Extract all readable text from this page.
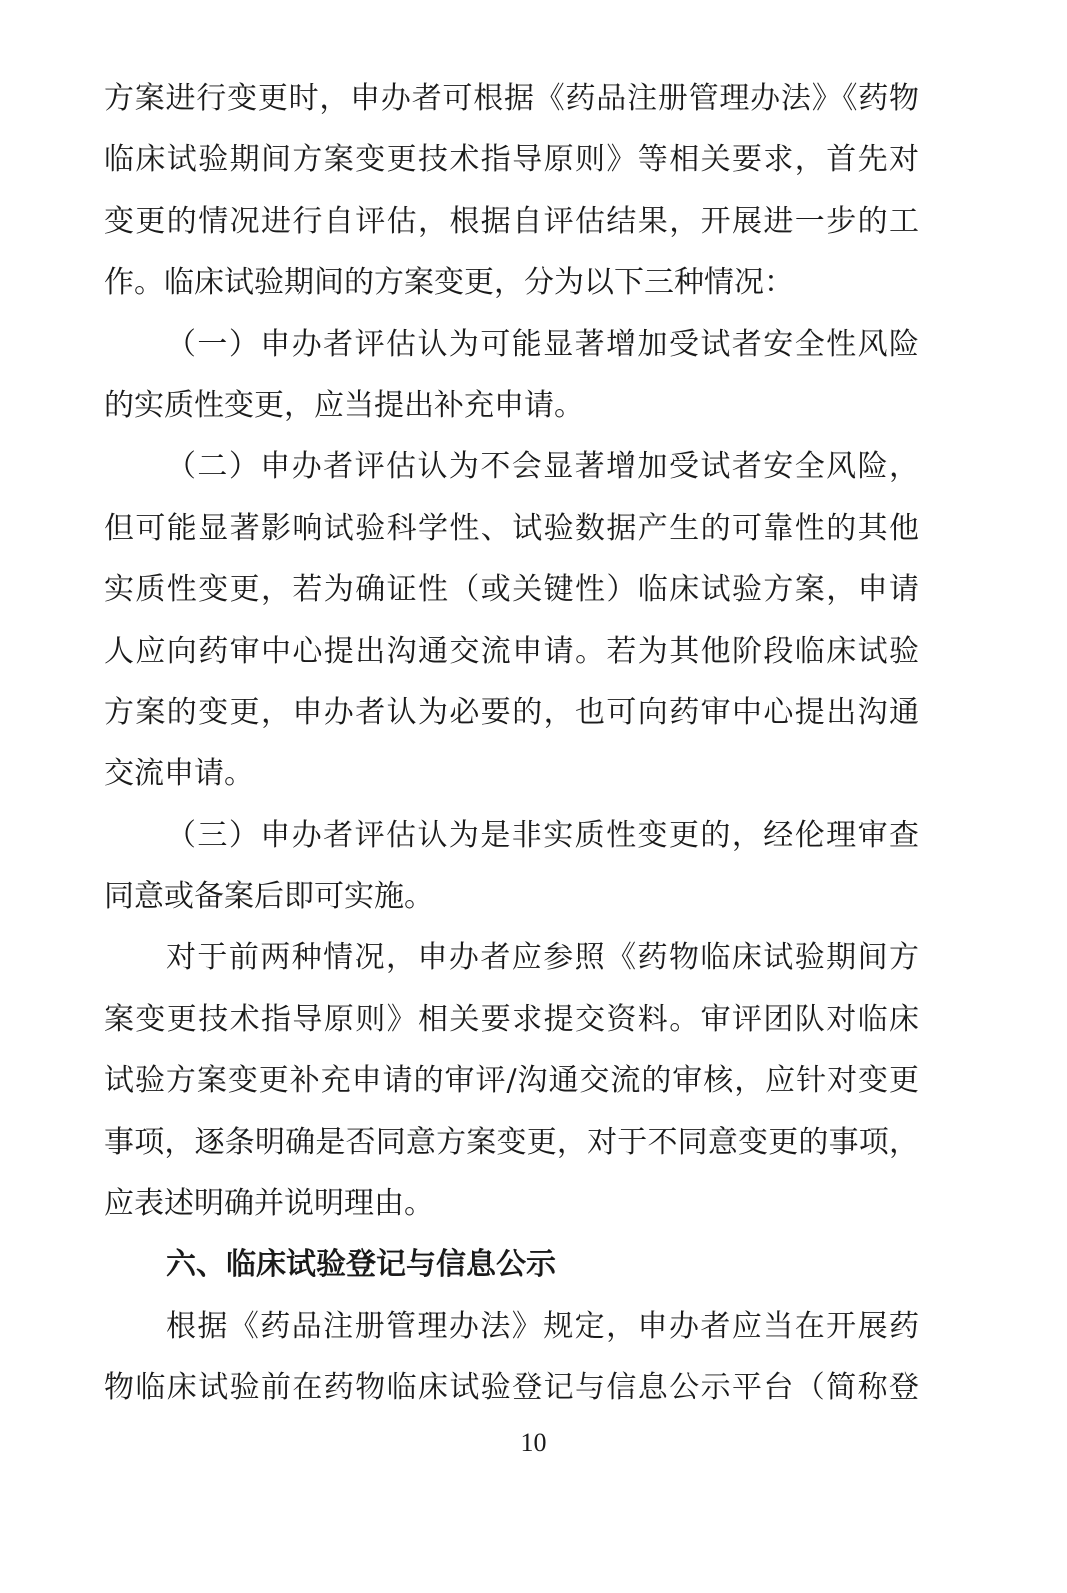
方案进行变更时，申办者可根据《药品注册管理办法》《药物
临床试验期间方案变更技术指导原则》等相关要求，首先对
变更的情况进行自评估，根据自评估结果，开展进一步的工
作。临床试验期间的方案变更，分为以下三种情况：
（一）申办者评估认为可能显著增加受试者安全性风险
的实质性变更，应当提出补充申请。
（二）申办者评估认为不会显著增加受试者安全风险，
但可能显著影响试验科学性、试验数据产生的可靠性的其他
实质性变更，若为确证性（或关键性）临床试验方案，申请
人应向药审中心提出沟通交流申请。若为其他阶段临床试验
方案的变更，申办者认为必要的，也可向药审中心提出沟通
交流申请。
（三）申办者评估认为是非实质性变更的，经伦理审查
同意或备案后即可实施。
对于前两种情况，申办者应参照《药物临床试验期间方
案变更技术指导原则》相关要求提交资料。审评团队对临床
试验方案变更补充申请的审评/沟通交流的审核，应针对变更
事项，逐条明确是否同意方案变更，对于不同意变更的事项，
应表述明确并说明理由。
六、临床试验登记与信息公示
根据《药品注册管理办法》规定，申办者应当在开展药
物临床试验前在药物临床试验登记与信息公示平台（简称登
10
